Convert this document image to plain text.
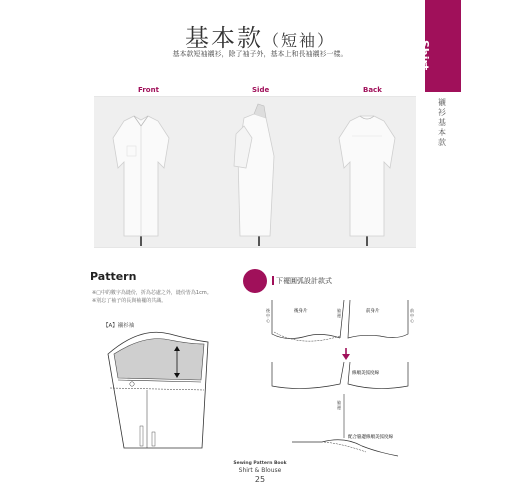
基本款（短袖）
基本款短袖襯衫，除了袖子外，基本上和長袖襯衫一樣。	Shirt
襯衫基本款
Front	Side	Back
Pattern
※□中的數字為縫份，折為芯處之外，縫份皆為1cm。
※別忘了袖子的長與袖襬的共識。
【A】襯衫袖
下襬圓弧設計款式
後身片	前身片
修順美弧度線
配合脇邊修順美弧度線
後中心
脇邊
前中心
脇邊
Sewing Pattern Book
Shirt & Blouse
25
